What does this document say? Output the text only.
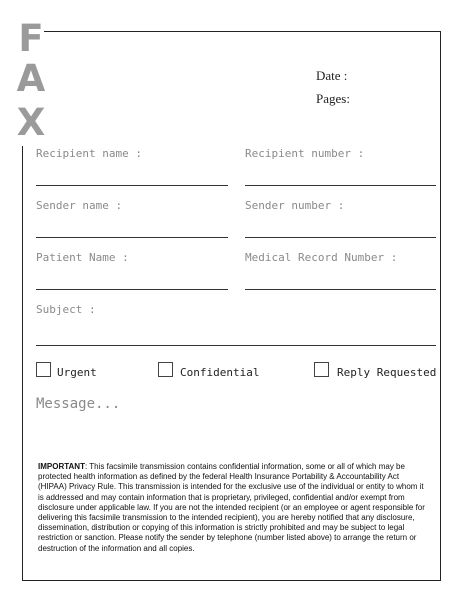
F
A
X
Date :
Pages:
Recipient name :	Recipient number :
Sender name :	Sender number :
Patient Name :	Medical Record Number :
Subject :
Urgent	Confidential	Reply Requested
Message...
IMPORTANT: This facsimile transmission contains confidential information, some or all of which may be protected health information as defined by the federal Health Insurance Portability & Accountability Act (HIPAA) Privacy Rule. This transmission is intended for the exclusive use of the individual or entity to whom it is addressed and may contain information that is proprietary, privileged, confidential and/or exempt from disclosure under applicable law. If you are not the intended recipient (or an employee or agent responsible for delivering this facsimile transmission to the intended recipient), you are hereby notified that any disclosure, dissemination, distribution or copying of this information is strictly prohibited and may be subject to legal restriction or sanction. Please notify the sender by telephone (number listed above) to arrange the return or destruction of the information and all copies.
